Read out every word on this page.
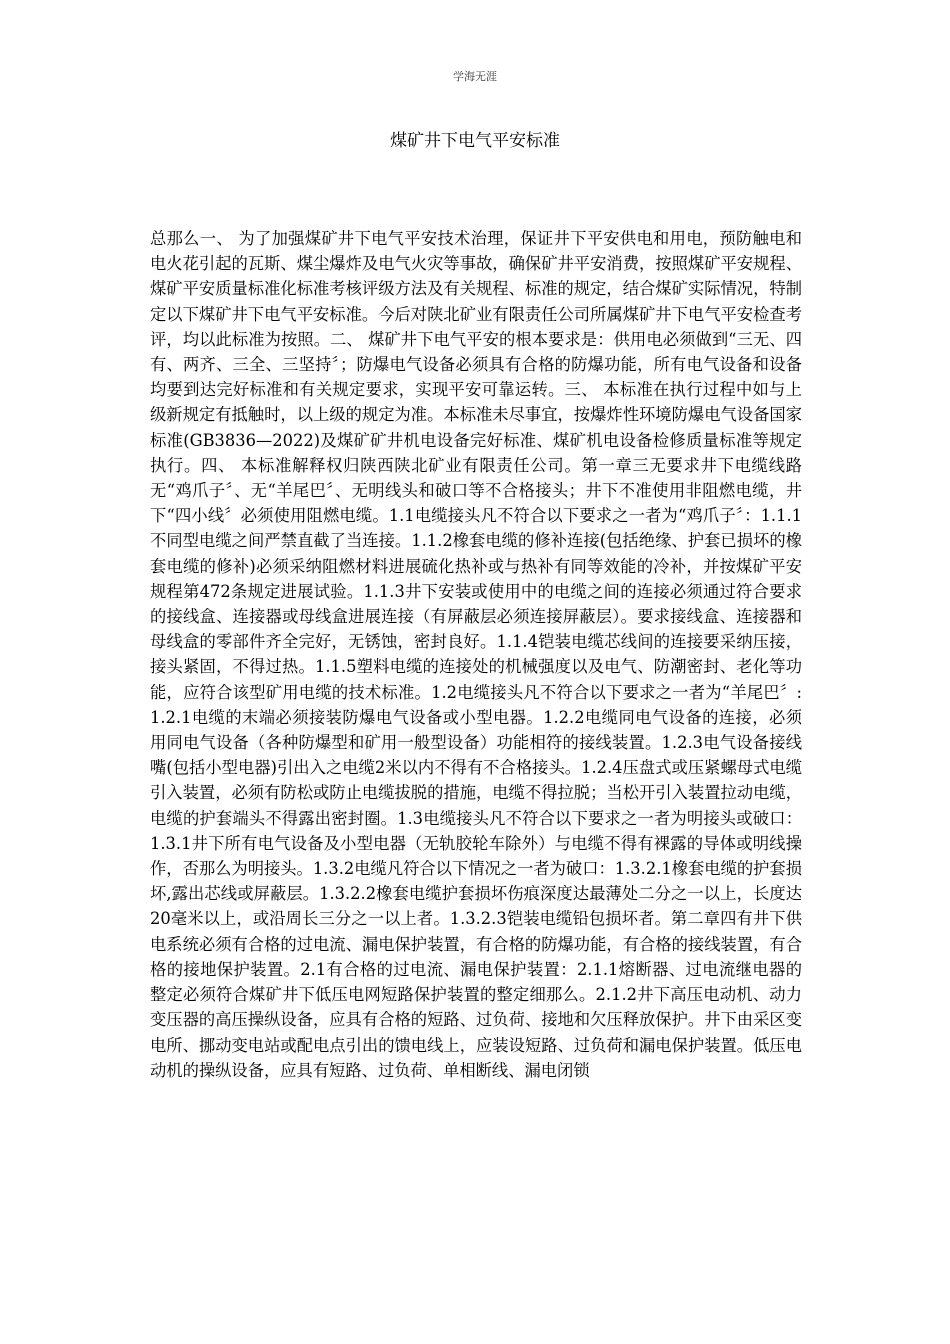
学海无涯
煤矿井下电气平安标准
总那么一、 为了加强煤矿井下电气平安技术治理，保证井下平安供电和用电，预防触电和电火花引起的瓦斯、煤尘爆炸及电气火灾等事故，确保矿井平安消费，按照煤矿平安规程、煤矿平安质量标准化标准考核评级方法及有关规程、标准的规定，结合煤矿实际情况，特制定以下煤矿井下电气平安标准。今后对陕北矿业有限责任公司所属煤矿井下电气平安检查考评，均以此标准为按照。二、 煤矿井下电气平安的根本要求是：供用电必须做到“三无、四有、两齐、三全、三坚持〞；防爆电气设备必须具有合格的防爆功能，所有电气设备和设备均要到达完好标准和有关规定要求，实现平安可靠运转。三、 本标准在执行过程中如与上级新规定有抵触时，以上级的规定为准。本标准未尽事宜，按爆炸性环境防爆电气设备国家标准(GB3836—2022)及煤矿矿井机电设备完好标准、煤矿机电设备检修质量标准等规定执行。四、 本标准解释权归陕西陕北矿业有限责任公司。第一章三无要求井下电缆线路无“鸡爪子〞、无“羊尾巴〞、无明线头和破口等不合格接头；井下不准使用非阻燃电缆，井下“四小线〞必须使用阻燃电缆。1.1电缆接头凡不符合以下要求之一者为“鸡爪子〞：1.1.1不同型电缆之间严禁直截了当连接。1.1.2橡套电缆的修补连接(包括绝缘、护套已损坏的橡套电缆的修补)必须采纳阻燃材料进展硫化热补或与热补有同等效能的冷补，并按煤矿平安规程第472条规定进展试验。1.1.3井下安装或使用中的电缆之间的连接必须通过符合要求的接线盒、连接器或母线盒进展连接（有屏蔽层必须连接屏蔽层）。要求接线盒、连接器和母线盒的零部件齐全完好，无锈蚀，密封良好。1.1.4铠装电缆芯线间的连接要采纳压接，接头紧固，不得过热。1.1.5塑料电缆的连接处的机械强度以及电气、防潮密封、老化等功能，应符合该型矿用电缆的技术标准。1.2电缆接头凡不符合以下要求之一者为“羊尾巴〞:1.2.1电缆的末端必须接装防爆电气设备或小型电器。1.2.2电缆同电气设备的连接，必须用同电气设备（各种防爆型和矿用一般型设备）功能相符的接线装置。1.2.3电气设备接线嘴(包括小型电器)引出入之电缆2米以内不得有不合格接头。1.2.4压盘式或压紧螺母式电缆引入装置，必须有防松或防止电缆拔脱的措施，电缆不得拉脱；当松开引入装置拉动电缆，电缆的护套端头不得露出密封圈。1.3电缆接头凡不符合以下要求之一者为明接头或破口：1.3.1井下所有电气设备及小型电器（无轨胶轮车除外）与电缆不得有裸露的导体或明线操作，否那么为明接头。1.3.2电缆凡符合以下情况之一者为破口：1.3.2.1橡套电缆的护套损坏,露出芯线或屏蔽层。1.3.2.2橡套电缆护套损坏伤痕深度达最薄处二分之一以上，长度达20毫米以上，或沿周长三分之一以上者。1.3.2.3铠装电缆铅包损坏者。第二章四有井下供电系统必须有合格的过电流、漏电保护装置，有合格的防爆功能，有合格的接线装置，有合格的接地保护装置。2.1有合格的过电流、漏电保护装置：2.1.1熔断器、过电流继电器的整定必须符合煤矿井下低压电网短路保护装置的整定细那么。2.1.2井下高压电动机、动力变压器的高压操纵设备，应具有合格的短路、过负荷、接地和欠压释放保护。井下由采区变电所、挪动变电站或配电点引出的馈电线上，应装设短路、过负荷和漏电保护装置。低压电动机的操纵设备，应具有短路、过负荷、单相断线、漏电闭锁
